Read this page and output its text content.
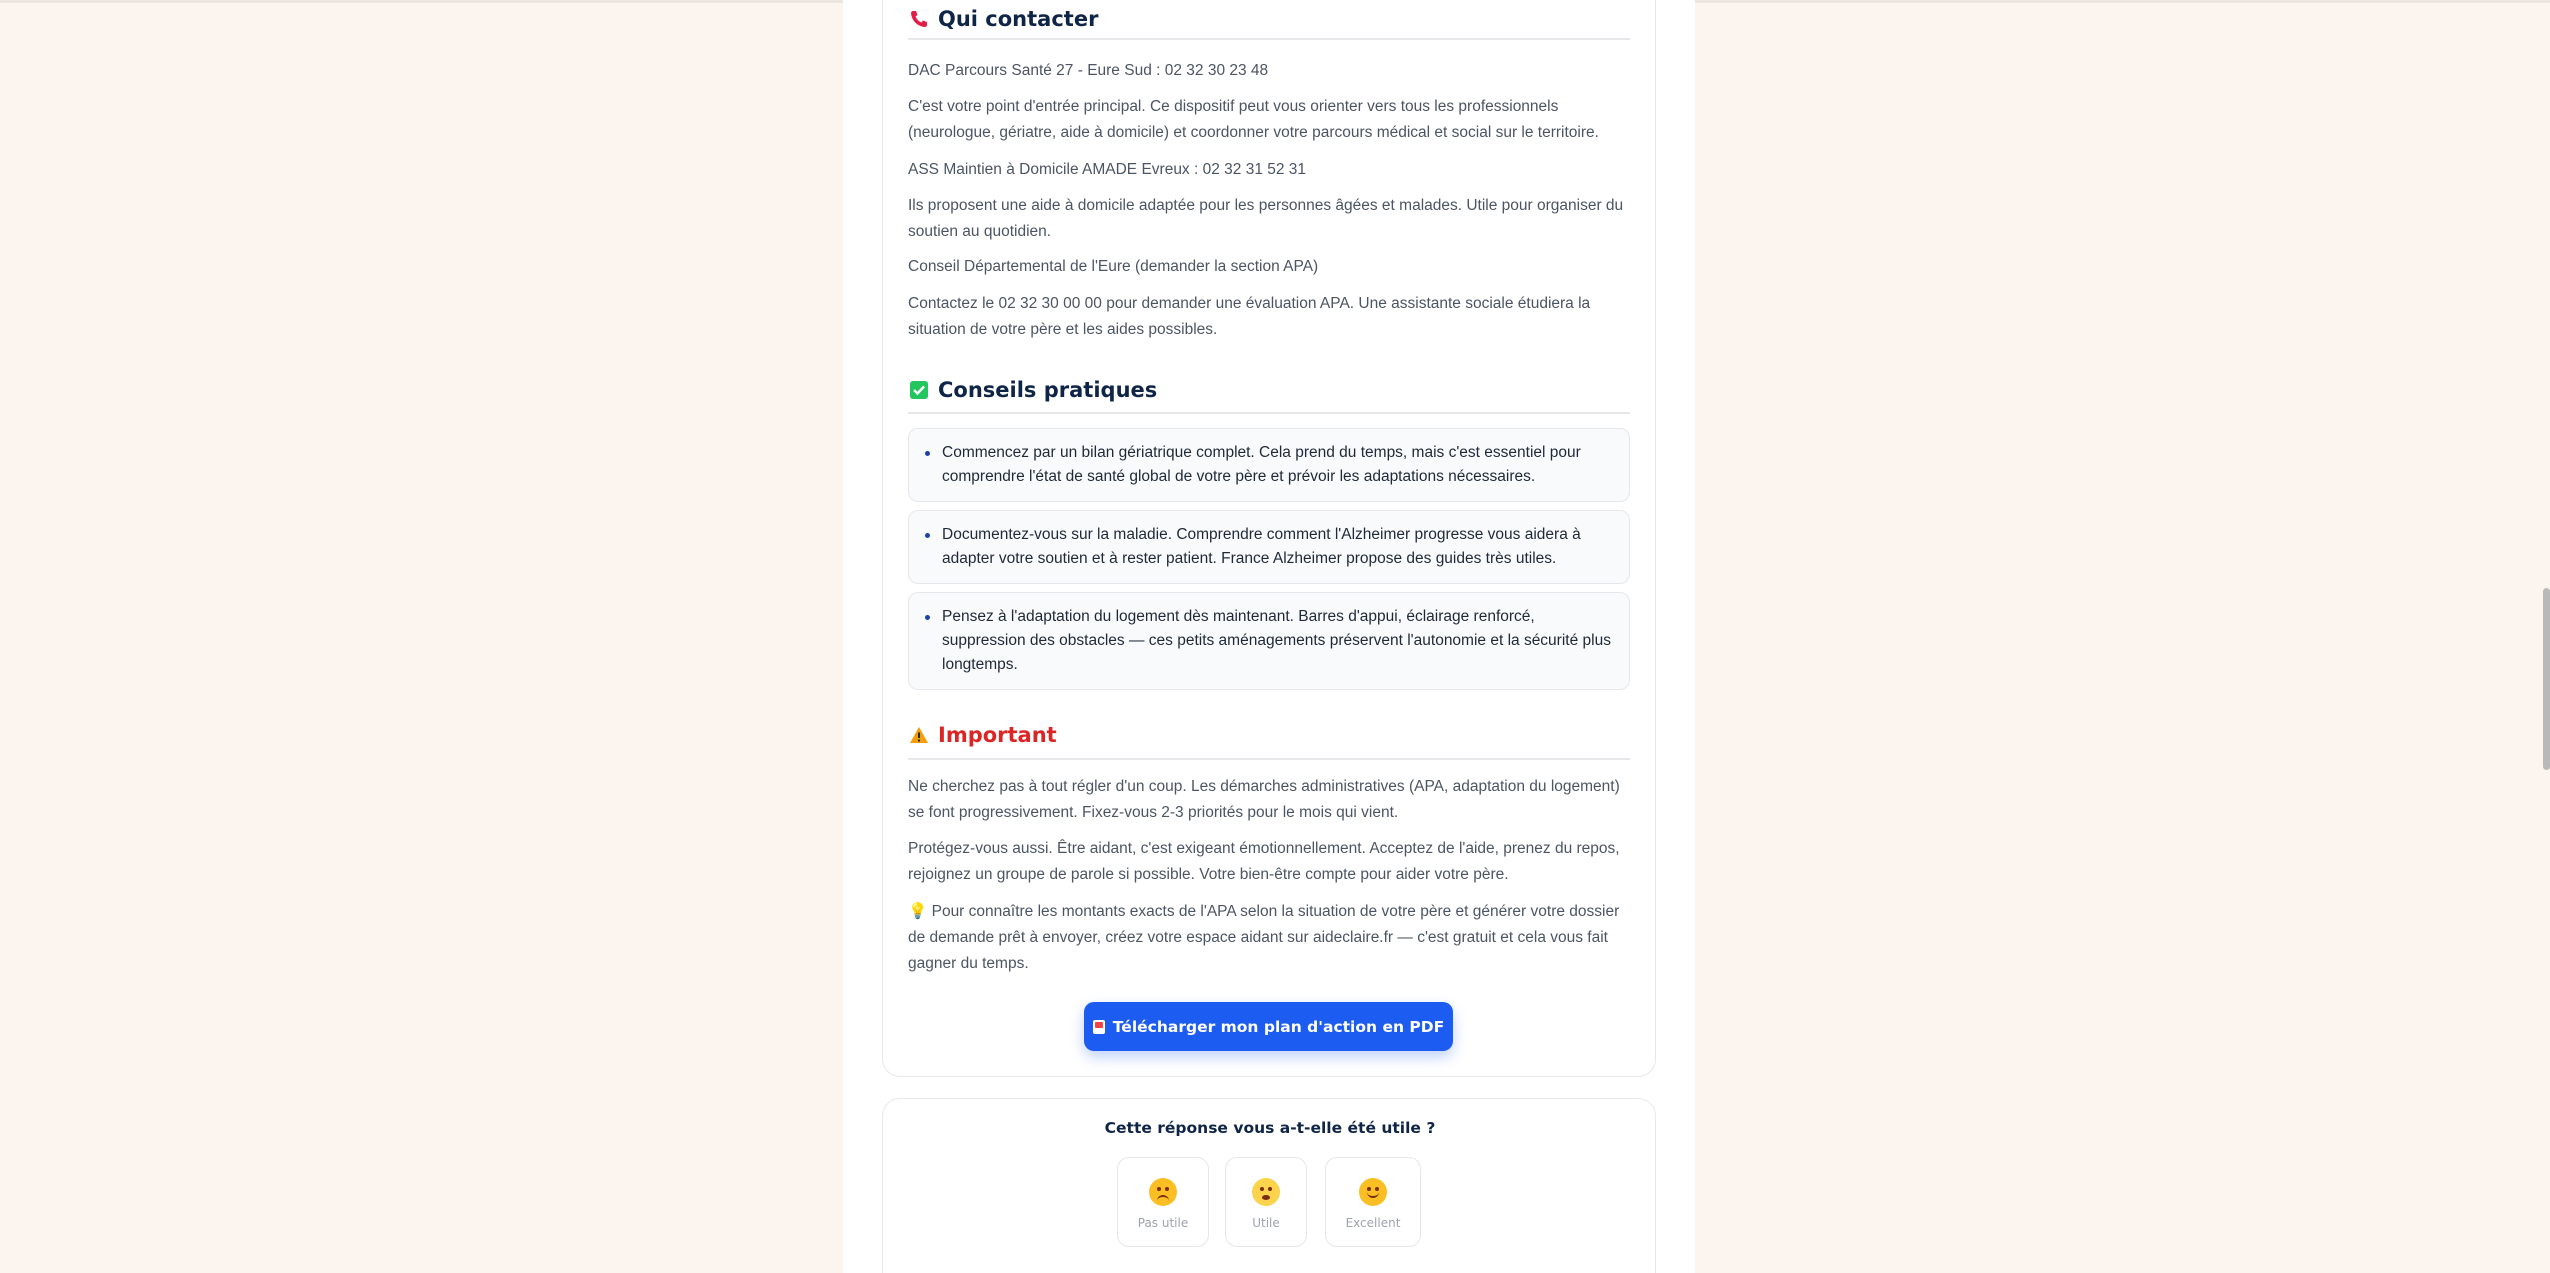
Qui contacter
DAC Parcours Santé 27 - Eure Sud : 02 32 30 23 48
C'est votre point d'entrée principal. Ce dispositif peut vous orienter vers tous les professionnels (neurologue, gériatre, aide à domicile) et coordonner votre parcours médical et social sur le territoire.
ASS Maintien à Domicile AMADE Evreux : 02 32 31 52 31
Ils proposent une aide à domicile adaptée pour les personnes âgées et malades. Utile pour organiser du soutien au quotidien.
Conseil Départemental de l'Eure (demander la section APA)
Contactez le 02 32 30 00 00 pour demander une évaluation APA. Une assistante sociale étudiera la situation de votre père et les aides possibles.
Conseils pratiques
Commencez par un bilan gériatrique complet. Cela prend du temps, mais c'est essentiel pour comprendre l'état de santé global de votre père et prévoir les adaptations nécessaires.
Documentez-vous sur la maladie. Comprendre comment l'Alzheimer progresse vous aidera à adapter votre soutien et à rester patient. France Alzheimer propose des guides très utiles.
Pensez à l'adaptation du logement dès maintenant. Barres d'appui, éclairage renforcé, suppression des obstacles — ces petits aménagements préservent l'autonomie et la sécurité plus longtemps.
Important
Ne cherchez pas à tout régler d'un coup. Les démarches administratives (APA, adaptation du logement) se font progressivement. Fixez-vous 2-3 priorités pour le mois qui vient.
Protégez-vous aussi. Être aidant, c'est exigeant émotionnellement. Acceptez de l'aide, prenez du repos, rejoignez un groupe de parole si possible. Votre bien-être compte pour aider votre père.
💡 Pour connaître les montants exacts de l'APA selon la situation de votre père et générer votre dossier de demande prêt à envoyer, créez votre espace aidant sur aideclaire.fr — c'est gratuit et cela vous fait gagner du temps.
Télécharger mon plan d'action en PDF
Cette réponse vous a-t-elle été utile ?
Pas utile	Utile	Excellent
